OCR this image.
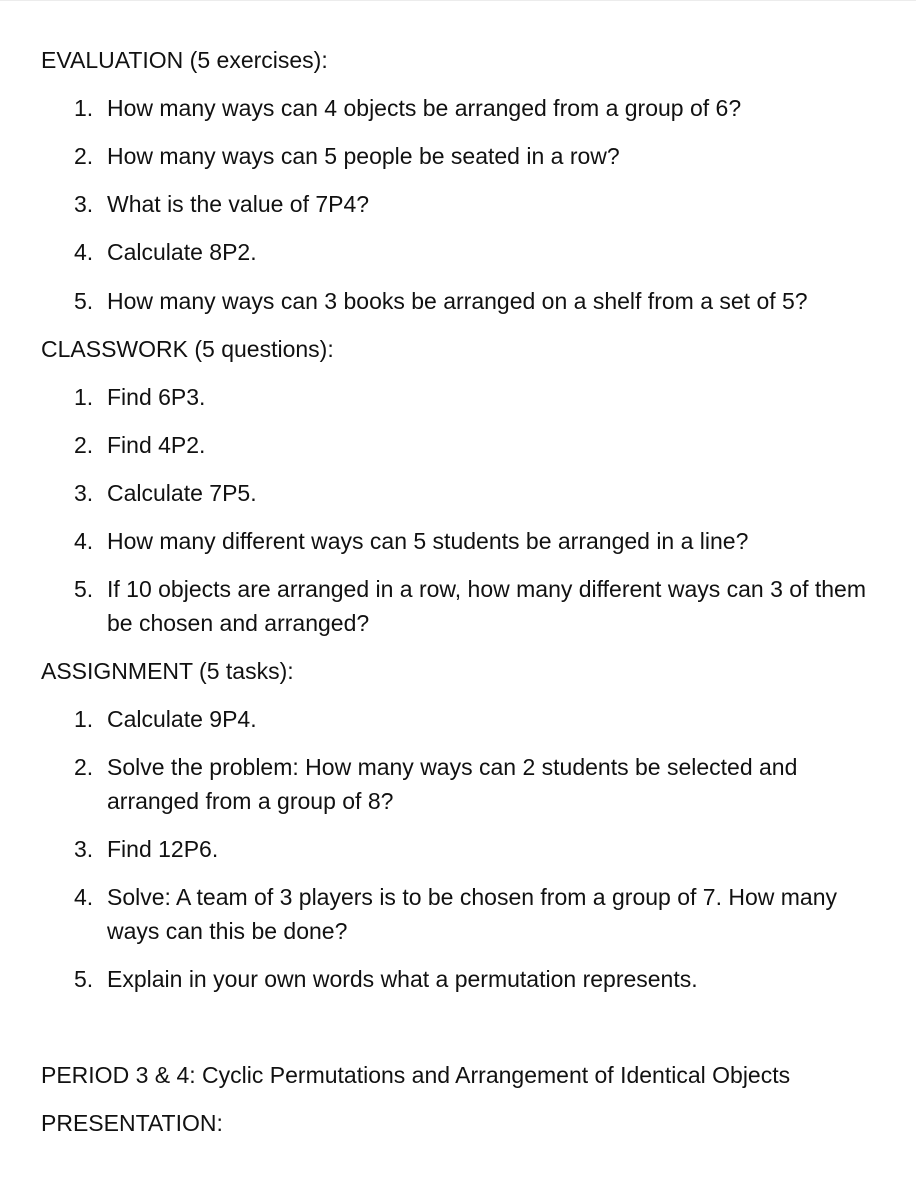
EVALUATION (5 exercises):
1. How many ways can 4 objects be arranged from a group of 6?
2. How many ways can 5 people be seated in a row?
3. What is the value of 7P4?
4. Calculate 8P2.
5. How many ways can 3 books be arranged on a shelf from a set of 5?
CLASSWORK (5 questions):
1. Find 6P3.
2. Find 4P2.
3. Calculate 7P5.
4. How many different ways can 5 students be arranged in a line?
5. If 10 objects are arranged in a row, how many different ways can 3 of them be chosen and arranged?
ASSIGNMENT (5 tasks):
1. Calculate 9P4.
2. Solve the problem: How many ways can 2 students be selected and arranged from a group of 8?
3. Find 12P6.
4. Solve: A team of 3 players is to be chosen from a group of 7. How many ways can this be done?
5. Explain in your own words what a permutation represents.
PERIOD 3 & 4: Cyclic Permutations and Arrangement of Identical Objects
PRESENTATION:
